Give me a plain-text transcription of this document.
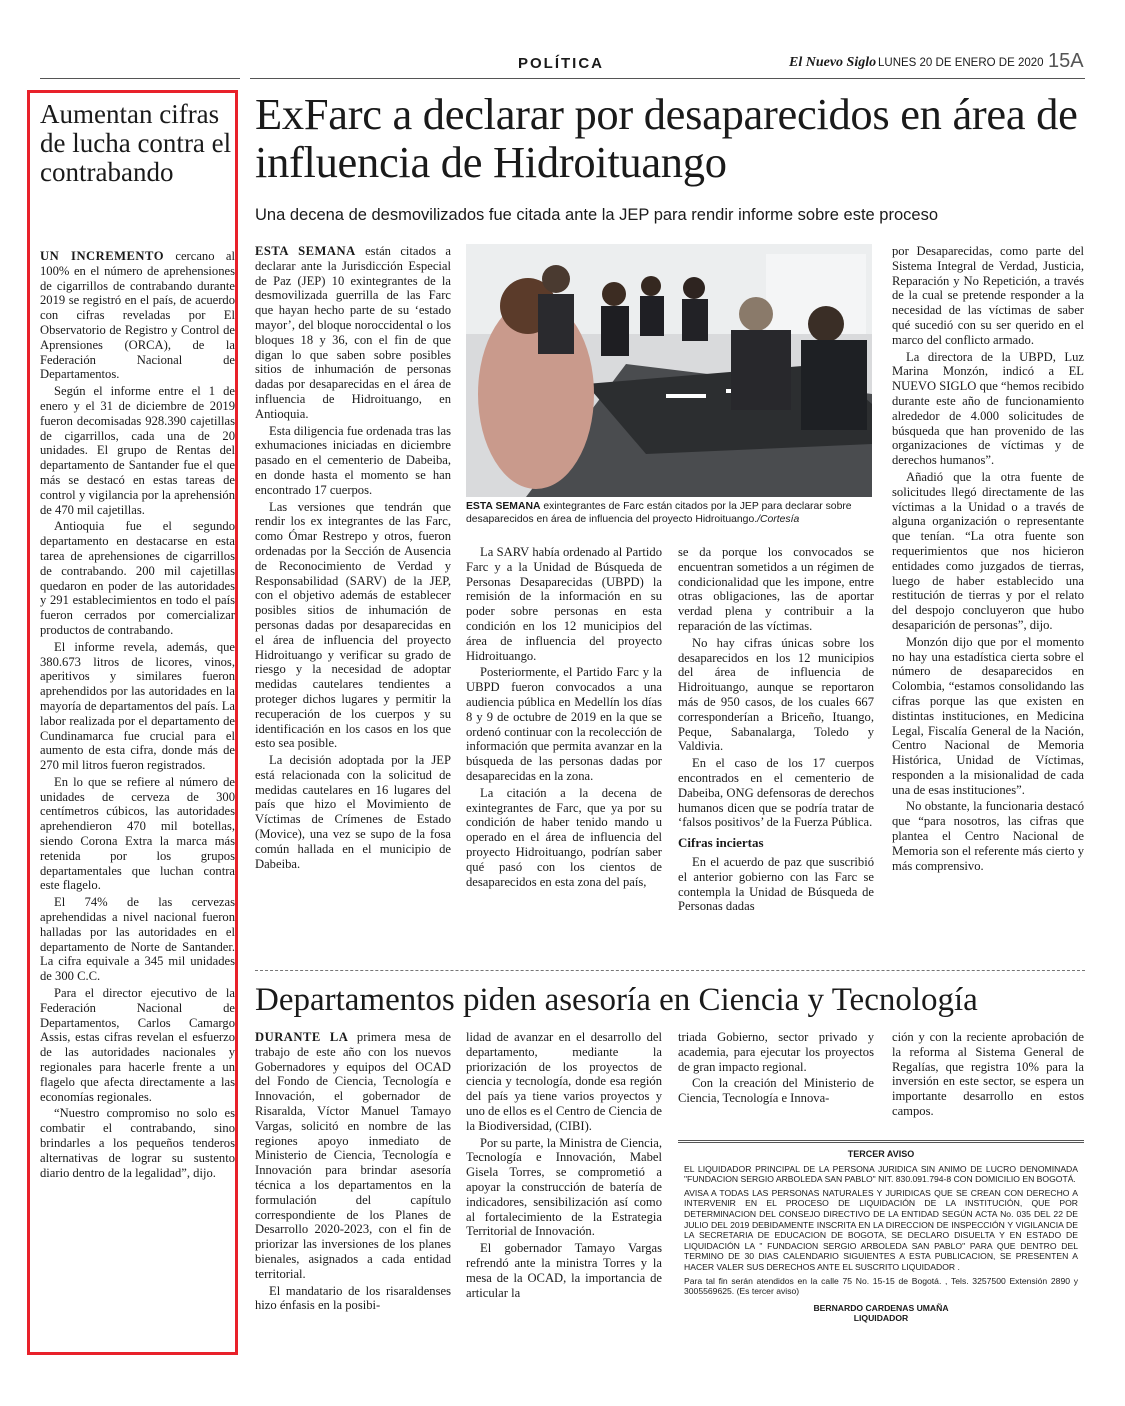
POLÍTICA	El Nuevo Siglo LUNES 20 DE ENERO DE 2020 15A
Aumentan cifras de lucha contra el contrabando

UN INCREMENTO cercano al 100% en el número de aprehensiones de cigarrillos de contrabando durante 2019 se registró en el país, de acuerdo con cifras reveladas por El Observatorio de Registro y Control de Aprensiones (ORCA), de la Federación Nacional de Departamentos.

Según el informe entre el 1 de enero y el 31 de diciembre de 2019 fueron decomisadas 928.390 cajetillas de cigarrillos, cada una de 20 unidades. El grupo de Rentas del departamento de Santander fue el que más se destacó en estas tareas de control y vigilancia por la aprehensión de 470 mil cajetillas.

Antioquia fue el segundo departamento en destacarse en esta tarea de aprehensiones de cigarrillos de contrabando. 200 mil cajetillas quedaron en poder de las autoridades y 291 establecimientos en todo el país fueron cerrados por comercializar productos de contrabando.

El informe revela, además, que 380.673 litros de licores, vinos, aperitivos y similares fueron aprehendidos por las autoridades en la mayoría de departamentos del país. La labor realizada por el departamento de Cundinamarca fue crucial para el aumento de esta cifra, donde más de 270 mil litros fueron registrados.

En lo que se refiere al número de unidades de cerveza de 300 centímetros cúbicos, las autoridades aprehendieron 470 mil botellas, siendo Corona Extra la marca más retenida por los grupos departamentales que luchan contra este flagelo.

El 74% de las cervezas aprehendidas a nivel nacional fueron halladas por las autoridades en el departamento de Norte de Santander. La cifra equivale a 345 mil unidades de 300 C.C.

Para el director ejecutivo de la Federación Nacional de Departamentos, Carlos Camargo Assis, estas cifras revelan el esfuerzo de las autoridades nacionales y regionales para hacerle frente a un flagelo que afecta directamente a las economías regionales.

“Nuestro compromiso no solo es combatir el contrabando, sino brindarles a los pequeños tenderos alternativas de lograr su sustento diario dentro de la legalidad”, dijo.

ExFarc a declarar por desaparecidos en área de influencia de Hidroituango
Una decena de desmovilizados fue citada ante la JEP para rendir informe sobre este proceso

ESTA SEMANA están citados a declarar ante la Jurisdicción Especial de Paz (JEP) 10 exintegrantes de la desmovilizada guerrilla de las Farc que hayan hecho parte de su ‘estado mayor’, del bloque noroccidental o los bloques 18 y 36, con el fin de que digan lo que saben sobre posibles sitios de inhumación de personas dadas por desaparecidas en el área de influencia de Hidroituango, en Antioquia.

Esta diligencia fue ordenada tras las exhumaciones iniciadas en diciembre pasado en el cementerio de Dabeiba, en donde hasta el momento se han encontrado 17 cuerpos.

Las versiones que tendrán que rendir los ex integrantes de las Farc, como Ómar Restrepo y otros, fueron ordenadas por la Sección de Ausencia de Reconocimiento de Verdad y Responsabilidad (SARV) de la JEP, con el objetivo además de establecer posibles sitios de inhumación de personas dadas por desaparecidas en el área de influencia del proyecto Hidroituango y verificar su grado de riesgo y la necesidad de adoptar medidas cautelares tendientes a proteger dichos lugares y permitir la recuperación de los cuerpos y su identificación en los casos en los que esto sea posible.

La decisión adoptada por la JEP está relacionada con la solicitud de medidas cautelares en 16 lugares del país que hizo el Movimiento de Víctimas de Crímenes de Estado (Movice), una vez se supo de la fosa común hallada en el municipio de Dabeiba.

ESTA SEMANA exintegrantes de Farc están citados por la JEP para declarar sobre desaparecidos en área de influencia del proyecto Hidroituango./Cortesía

La SARV había ordenado al Partido Farc y a la Unidad de Búsqueda de Personas Desaparecidas (UBPD) la remisión de la información en su poder sobre personas en esta condición en los 12 municipios del área de influencia del proyecto Hidroituango.

Posteriormente, el Partido Farc y la UBPD fueron convocados a una audiencia pública en Medellín los días 8 y 9 de octubre de 2019 en la que se ordenó continuar con la recolección de información que permita avanzar en la búsqueda de las personas dadas por desaparecidas en la zona.

La citación a la decena de exintegrantes de Farc, que ya por su condición de haber tenido mando u operado en el área de influencia del proyecto Hidroituango, podrían saber qué pasó con los cientos de desaparecidos en esta zona del país,

se da porque los convocados se encuentran sometidos a un régimen de condicionalidad que les impone, entre otras obligaciones, las de aportar verdad plena y contribuir a la reparación de las víctimas.

No hay cifras únicas sobre los desaparecidos en los 12 municipios del área de influencia de Hidroituango, aunque se reportaron más de 950 casos, de los cuales 667 corresponderían a Briceño, Ituango, Peque, Sabanalarga, Toledo y Valdivia.

En el caso de los 17 cuerpos encontrados en el cementerio de Dabeiba, ONG defensoras de derechos humanos dicen que se podría tratar de ‘falsos positivos’ de la Fuerza Pública.

Cifras inciertas

En el acuerdo de paz que suscribió el anterior gobierno con las Farc se contempla la Unidad de Búsqueda de Personas dadas

por Desaparecidas, como parte del Sistema Integral de Verdad, Justicia, Reparación y No Repetición, a través de la cual se pretende responder a la necesidad de las víctimas de saber qué sucedió con su ser querido en el marco del conflicto armado.

La directora de la UBPD, Luz Marina Monzón, indicó a EL NUEVO SIGLO que “hemos recibido durante este año de funcionamiento alrededor de 4.000 solicitudes de búsqueda que han provenido de las organizaciones de víctimas y de derechos humanos”.

Añadió que la otra fuente de solicitudes llegó directamente de las víctimas a la Unidad o a través de alguna organización o representante que tenían. “La otra fuente son requerimientos que nos hicieron entidades como juzgados de tierras, luego de haber establecido una restitución de tierras y por el relato del despojo concluyeron que hubo desaparición de personas”, dijo.

Monzón dijo que por el momento no hay una estadística cierta sobre el número de desaparecidos en Colombia, “estamos consolidando las cifras porque las que existen en distintas instituciones, en Medicina Legal, Fiscalía General de la Nación, Centro Nacional de Memoria Histórica, Unidad de Víctimas, responden a la misionalidad de cada una de esas instituciones”.

No obstante, la funcionaria destacó que “para nosotros, las cifras que plantea el Centro Nacional de Memoria son el referente más cierto y más comprensivo.

Departamentos piden asesoría en Ciencia y Tecnología

DURANTE LA primera mesa de trabajo de este año con los nuevos Gobernadores y equipos del OCAD del Fondo de Ciencia, Tecnología e Innovación, el gobernador de Risaralda, Víctor Manuel Tamayo Vargas, solicitó en nombre de las regiones apoyo inmediato de Ministerio de Ciencia, Tecnología e Innovación para brindar asesoría técnica a los departamentos en la formulación del capítulo correspondiente de los Planes de Desarrollo 2020-2023, con el fin de priorizar las inversiones de los planes bienales, asignados a cada entidad territorial.

El mandatario de los risaraldenses hizo énfasis en la posibi-

lidad de avanzar en el desarrollo del departamento, mediante la priorización de los proyectos de ciencia y tecnología, donde esa región del país ya tiene varios proyectos y uno de ellos es el Centro de Ciencia de la Biodiversidad, (CIBI).

Por su parte, la Ministra de Ciencia, Tecnología e Innovación, Mabel Gisela Torres, se comprometió a apoyar la construcción de batería de indicadores, sensibilización así como al fortalecimiento de la Estrategia Territorial de Innovación.

El gobernador Tamayo Vargas refrendó ante la ministra Torres y la mesa de la OCAD, la importancia de articular la

triada Gobierno, sector privado y academia, para ejecutar los proyectos de gran impacto regional.

Con la creación del Ministerio de Ciencia, Tecnología e Innova-

ción y con la reciente aprobación de la reforma al Sistema General de Regalías, que registra 10% para la inversión en este sector, se espera un importante desarrollo en estos campos.

TERCER AVISO

EL LIQUIDADOR PRINCIPAL DE LA PERSONA JURIDICA SIN ANIMO DE LUCRO DENOMINADA "FUNDACION SERGIO ARBOLEDA SAN PABLO" NIT. 830.091.794-8 CON DOMICILIO EN BOGOTÁ.

AVISA A TODAS LAS PERSONAS NATURALES Y JURIDICAS QUE SE CREAN CON DERECHO A INTERVENIR EN EL PROCESO DE LIQUIDACIÓN DE LA INSTITUCIÓN, QUE POR DETERMINACION DEL CONSEJO DIRECTIVO DE LA ENTIDAD SEGÚN ACTA No. 035 DEL 22 DE JULIO DEL 2019 DEBIDAMENTE INSCRITA EN LA DIRECCION DE INSPECCIÓN Y VIGILANCIA DE LA SECRETARIA DE EDUCACION DE BOGOTA, SE DECLARO DISUELTA Y EN ESTADO DE LIQUIDACIÓN LA " FUNDACION SERGIO ARBOLEDA SAN PABLO" PARA QUE DENTRO DEL TERMINO DE 30 DIAS CALENDARIO SIGUIENTES A ESTA PUBLICACION, SE PRESENTEN A HACER VALER SUS DERECHOS ANTE EL SUSCRITO LIQUIDADOR .

Para tal fin serán atendidos en la calle 75 No. 15-15 de Bogotá. , Tels. 3257500 Extensión 2890 y 3005569625. (Es tercer aviso)

BERNARDO CARDENAS UMAÑA
LIQUIDADOR
